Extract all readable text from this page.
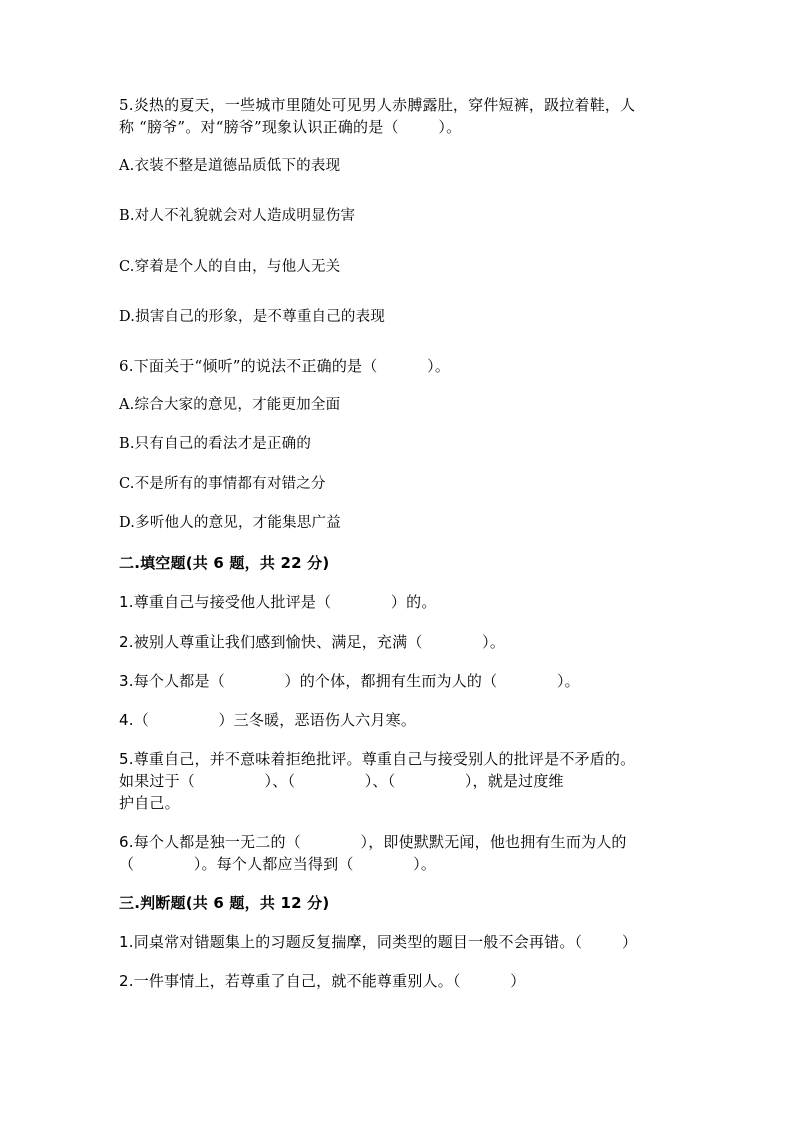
5.炎热的夏天，一些城市里随处可见男人赤膊露肚，穿件短裤，趿拉着鞋，人
称 “膀爷”。对“膀爷”现象认识正确的是（        ）。
A.衣装不整是道德品质低下的表现
B.对人不礼貌就会对人造成明显伤害
C.穿着是个人的自由，与他人无关
D.损害自己的形象，是不尊重自己的表现
6.下面关于“倾听”的说法不正确的是（          ）。
A.综合大家的意见，才能更加全面
B.只有自己的看法才是正确的
C.不是所有的事情都有对错之分
D.多听他人的意见，才能集思广益
二.填空题(共 6 题，共 22 分)
1.尊重自己与接受他人批评是（            ）的。
2.被别人尊重让我们感到愉快、满足，充满（            ）。
3.每个人都是（            ）的个体，都拥有生而为人的（            ）。
4.（              ）三冬暖，恶语伤人六月寒。
5.尊重自己，并不意味着拒绝批评。尊重自己与接受别人的批评是不矛盾的。
如果过于（              ）、（              ）、（              ），就是过度维
护自己。
6.每个人都是独一无二的（            ），即使默默无闻，他也拥有生而为人的
（            ）。每个人都应当得到（            ）。
三.判断题(共 6 题，共 12 分)
1.同桌常对错题集上的习题反复揣摩，同类型的题目一般不会再错。（        ）
2.一件事情上，若尊重了自己，就不能尊重别人。（          ）
